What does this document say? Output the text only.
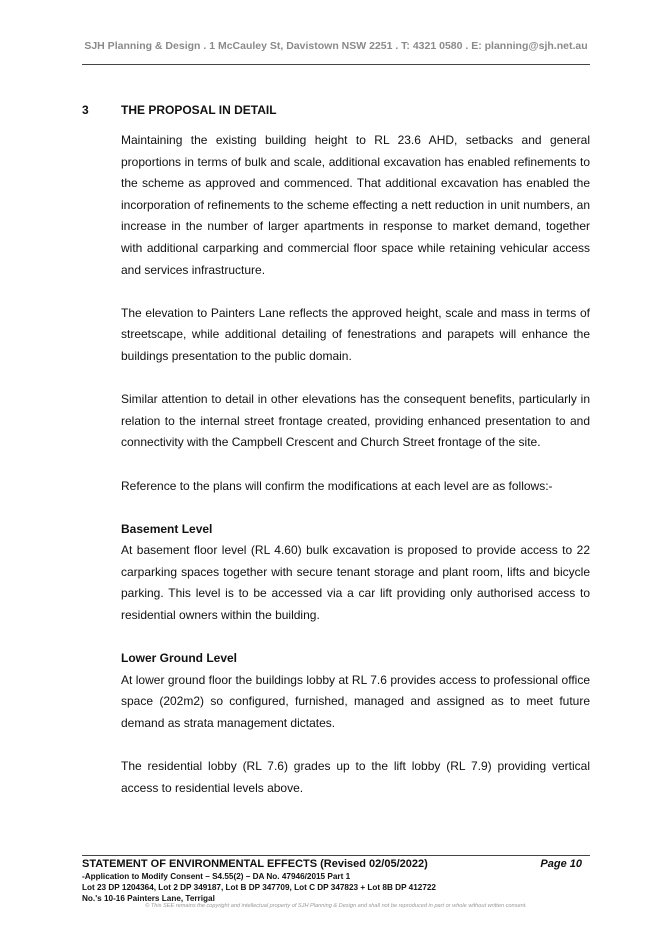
SJH Planning & Design . 1 McCauley St, Davistown NSW 2251 . T: 4321 0580 . E: planning@sjh.net.au
3	THE PROPOSAL IN DETAIL

Maintaining the existing building height to RL 23.6 AHD, setbacks and general proportions in terms of bulk and scale, additional excavation has enabled refinements to the scheme as approved and commenced. That additional excavation has enabled the incorporation of refinements to the scheme effecting a nett reduction in unit numbers, an increase in the number of larger apartments in response to market demand, together with additional carparking and commercial floor space while retaining vehicular access and services infrastructure.

The elevation to Painters Lane reflects the approved height, scale and mass in terms of streetscape, while additional detailing of fenestrations and parapets will enhance the buildings presentation to the public domain.

Similar attention to detail in other elevations has the consequent benefits, particularly in relation to the internal street frontage created, providing enhanced presentation to and connectivity with the Campbell Crescent and Church Street frontage of the site.

Reference to the plans will confirm the modifications at each level are as follows:-

Basement Level

At basement floor level (RL 4.60) bulk excavation is proposed to provide access to 22 carparking spaces together with secure tenant storage and plant room, lifts and bicycle parking. This level is to be accessed via a car lift providing only authorised access to residential owners within the building.

Lower Ground Level

At lower ground floor the buildings lobby at RL 7.6 provides access to professional office space (202m2) so configured, furnished, managed and assigned as to meet future demand as strata management dictates.

The residential lobby (RL 7.6) grades up to the lift lobby (RL 7.9) providing vertical access to residential levels above.

STATEMENT OF ENVIRONMENTAL EFFECTS (Revised 02/05/2022)	Page 10
-Application to Modify Consent – S4.55(2) – DA No. 47946/2015 Part 1
Lot 23 DP 1204364, Lot 2 DP 349187, Lot B DP 347709, Lot C DP 347823 + Lot 8B DP 412722
No.'s 10-16 Painters Lane, Terrigal
© This SEE remains the copyright and intellectual property of SJH Planning & Design and shall not be reproduced in part or whole without written consent.
